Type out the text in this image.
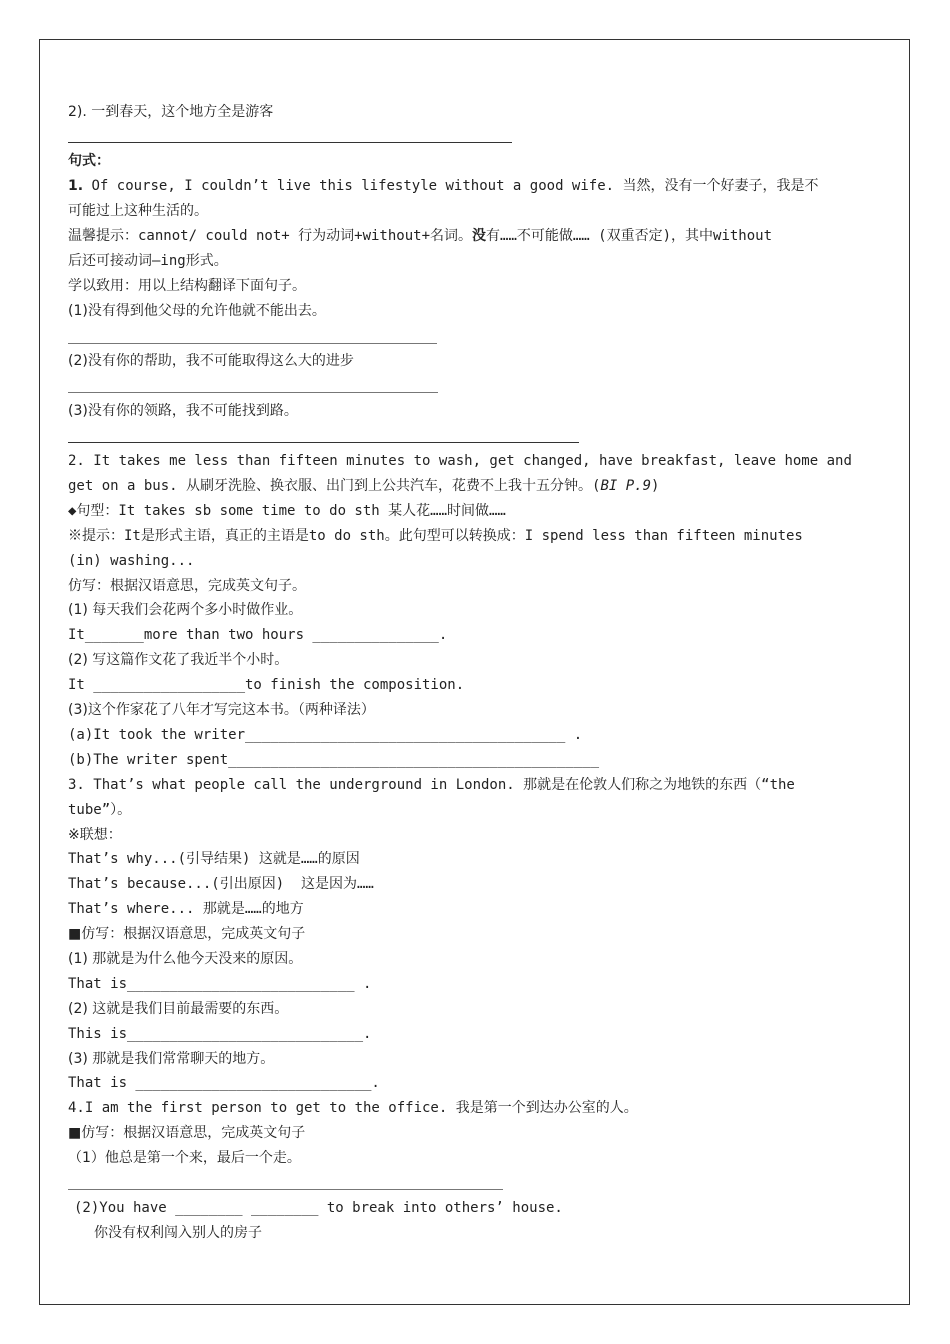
2). 一到春天，这个地方全是游客
句式：
1. Of course, I couldn’t live this lifestyle without a good wife. 当然，没有一个好妻子，我是不
可能过上这种生活的。
温馨提示：cannot/ could not+ 行为动词+without+名词。没有……不可能做…… (双重否定)，其中without
后还可接动词—ing形式。
学以致用：用以上结构翻译下面句子。
(1)没有得到他父母的允许他就不能出去。
(2)没有你的帮助，我不可能取得这么大的进步
(3)没有你的领路，我不可能找到路。
2. It takes me less than fifteen minutes to wash, get changed, have breakfast, leave home and
get on a bus. 从刷牙洗脸、换衣服、出门到上公共汽车，花费不上我十五分钟。(BI P.9)
◆句型：It takes sb some time to do sth 某人花……时间做……
※提示：It是形式主语，真正的主语是to do sth。此句型可以转换成：I spend less than fifteen minutes
(in) washing...
仿写：根据汉语意思，完成英文句子。
(1) 每天我们会花两个多小时做作业。
It_______more than two hours _______________.
(2) 写这篇作文花了我近半个小时。
It __________________to finish the composition.
(3)这个作家花了八年才写完这本书。（两种译法）
(a)It took the writer______________________________________ .
(b)The writer spent____________________________________________
3. That’s what people call the underground in London. 那就是在伦敦人们称之为地铁的东西（“the
tube”）。
※联想：
That’s why...(引导结果) 这就是……的原因
That’s because...(引出原因)  这是因为……
That’s where... 那就是……的地方
■仿写：根据汉语意思，完成英文句子
(1) 那就是为什么他今天没来的原因。
That is___________________________ .
(2) 这就是我们目前最需要的东西。
This is____________________________.
(3) 那就是我们常常聊天的地方。
That is ____________________________.
4.I am the first person to get to the office. 我是第一个到达办公室的人。
■仿写：根据汉语意思，完成英文句子
（1）他总是第一个来，最后一个走。
(2)You have ________ ________ to break into others’ house.
你没有权利闯入别人的房子
